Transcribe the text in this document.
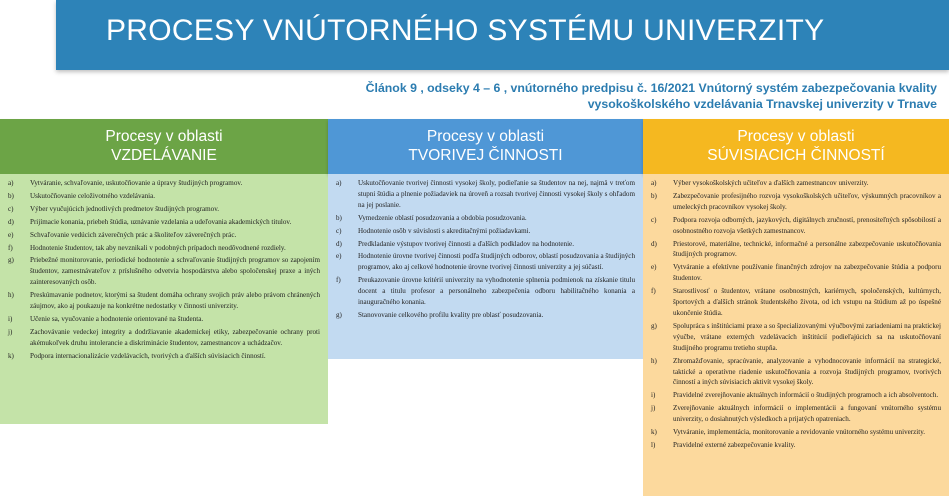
PROCESY VNÚTORNÉHO SYSTÉMU UNIVERZITY
Článok 9 , odseky 4 – 6 , vnútorného predpisu č. 16/2021 Vnútorný systém zabezpečovania kvality
vysokoškolského vzdelávania Trnavskej univerzity v Trnave
Procesy v oblasti
VZDELÁVANIE
a)	Vytváranie, schvaľovanie, uskutočňovanie a úpravy študijných programov.
b)	Uskutočňovanie celoživotného vzdelávania.
c)	Výber vyučujúcich jednotlivých predmetov študijných programov.
d)	Prijímacie konania, priebeh štúdia, uznávanie vzdelania a udeľovania akademických titulov.
e)	Schvaľovanie vedúcich záverečných prác a školiteľov záverečných prác.
f)	Hodnotenie študentov, tak aby nevznikali v podobných prípadoch neodôvodnené rozdiely.
g)	Priebežné monitorovanie, periodické hodnotenie a schvaľovanie študijných programov so zapojením študentov, zamestnávateľov z príslušného odvetvia hospodárstva alebo spoločenskej praxe a iných zainteresovaných osôb.
h)	Preskúmavanie podnetov, ktorými sa študent domáha ochrany svojich práv alebo právom chránených záujmov, ako aj poukazuje na konkrétne nedostatky v činnosti univerzity.
i)	Učenie sa, vyučovanie a hodnotenie orientované na študenta.
j)	Zachovávanie vedeckej integrity a dodržiavanie akademickej etiky, zabezpečovanie ochrany proti akémukoľvek druhu intolerancie a diskriminácie študentov, zamestnancov a uchádzačov.
k)	Podpora internacionalizácie vzdelávacích, tvorivých a ďalších súvisiacich činností.
Procesy v oblasti
TVORIVEJ ČINNOSTI
a)	Uskutočňovanie tvorivej činnosti vysokej školy, podieľanie sa študentov na nej, najmä v treťom stupni štúdia a plnenie požiadaviek na úroveň a rozsah tvorivej činnosti vysokej školy s ohľadom na jej poslanie.
b)	Vymedzenie oblastí posudzovania a obdobia posudzovania.
c)	Hodnotenie osôb v súvislosti s akreditačnými požiadavkami.
d)	Predkladanie výstupov tvorivej činnosti a ďalších podkladov na hodnotenie.
e)	Hodnotenie úrovne tvorivej činnosti podľa študijných odborov, oblastí posudzovania a študijných programov, ako aj celkové hodnotenie úrovne tvorivej činnosti univerzity a jej súčastí.
f)	Preukazovanie úrovne kritérií univerzity na vyhodnotenie splnenia podmienok na získanie titulu docent a titulu profesor a personálneho zabezpečenia odboru habilitačného konania a inauguračného konania.
g)	Stanovovanie celkového profilu kvality pre oblasť posudzovania.
Procesy v oblasti
SÚVISIACICH ČINNOSTÍ
a)	Výber vysokoškolských učiteľov a ďalších zamestnancov univerzity.
b)	Zabezpečovanie profesijného rozvoja vysokoškolských učiteľov, výskumných pracovníkov a umeleckých pracovníkov vysokej školy.
c)	Podpora rozvoja odborných, jazykových, digitálnych zručností, prenositeľných spôsobilostí a osobnostného rozvoja všetkých zamestnancov.
d)	Priestorové, materiálne, technické, informačné a personálne zabezpečovanie uskutočňovania študijných programov.
e)	Vytváranie a efektívne používanie finančných zdrojov na zabezpečovanie štúdia a podporu študentov.
f)	Starostlivosť o študentov, vrátane osobnostných, kariérnych, spoločenských, kultúrnych, športových a ďalších stránok študentského života, od ich vstupu na štúdium až po úspešné ukončenie štúdia.
g)	Spolupráca s inštitúciami praxe a so špecializovanými výučbovými zariadeniami na praktickej výučbe, vrátane externých vzdelávacích inštitúcií podieľajúcich sa na uskutočňovaní študijného programu tretieho stupňa.
h)	Zhromažďovanie, spracúvanie, analyzovanie a vyhodnocovanie informácií na strategické, taktické a operatívne riadenie uskutočňovania a rozvoja študijných programov, tvorivých činností a iných súvisiacich aktivít vysokej školy.
i)	Pravidelné zverejňovanie aktuálnych informácií o študijných programoch a ich absolventoch.
j)	Zverejňovanie aktuálnych informácií o implementácii a fungovaní vnútorného systému univerzity, o dosiahnutých výsledkoch a prijatých opatreniach.
k)	Vytváranie, implementácia, monitorovanie a revidovanie vnútorného systému univerzity.
l)	Pravidelné externé zabezpečovanie kvality.
